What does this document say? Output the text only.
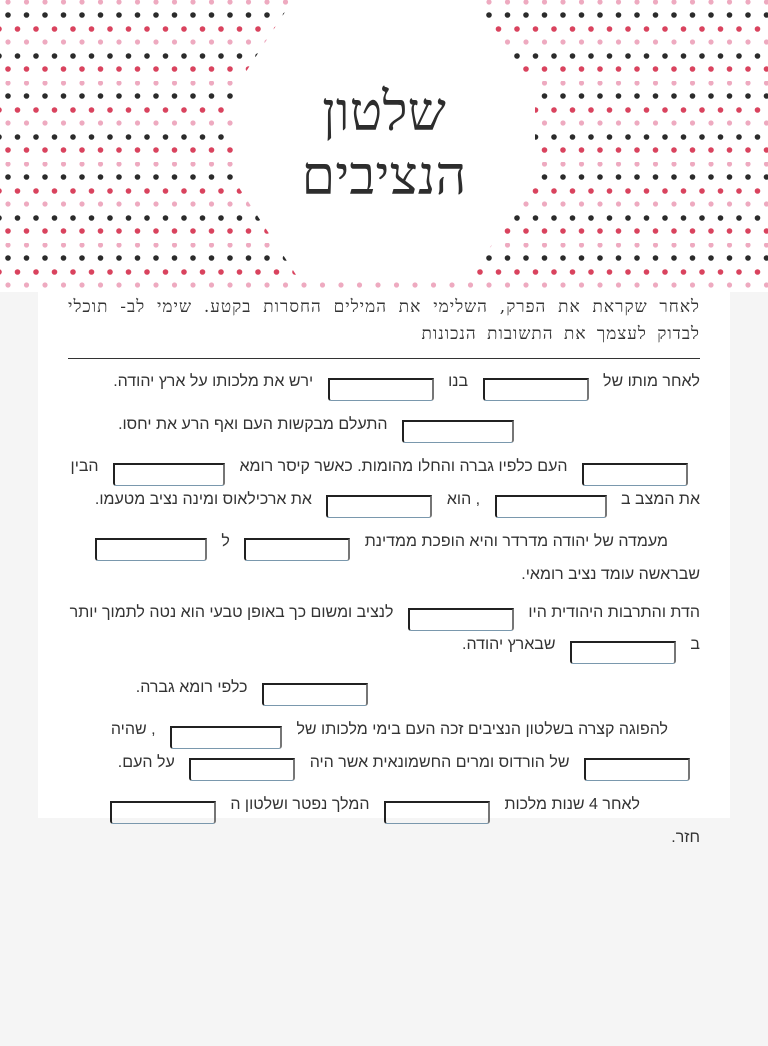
שלטון
הנציבים
לאחר שקראת את הפרק, השלימי את המילים החסרות בקטע. שימי לב- תוכלי לבדוק לעצמך את התשובות הנכונות

לאחר מותו של  בנו  ירש את מלכותו על ארץ יהודה.

התעלם מבקשות העם ואף הרע את יחסו.

העם כלפיו גברה והחלו מהומות. כאשר קיסר רומא  הבין את המצב ב  , הוא  את ארכילאוס ומינה נציב מטעמו.

מעמדה של יהודה מדרדר והיא הופכת ממדינת  ל  שבראשה עומד נציב רומאי.

הדת והתרבות היהודית היו  לנציב ומשום כך באופן טבעי הוא נטה לתמוך יותר ב  שבארץ יהודה.

כלפי רומא גברה.

להפוגה קצרה בשלטון הנציבים זכה העם בימי מלכותו של  , שהיה  של הורדוס ומרים החשמונאית אשר היה  על העם.

לאחר 4 שנות מלכות  המלך נפטר ושלטון ה  חזר.
